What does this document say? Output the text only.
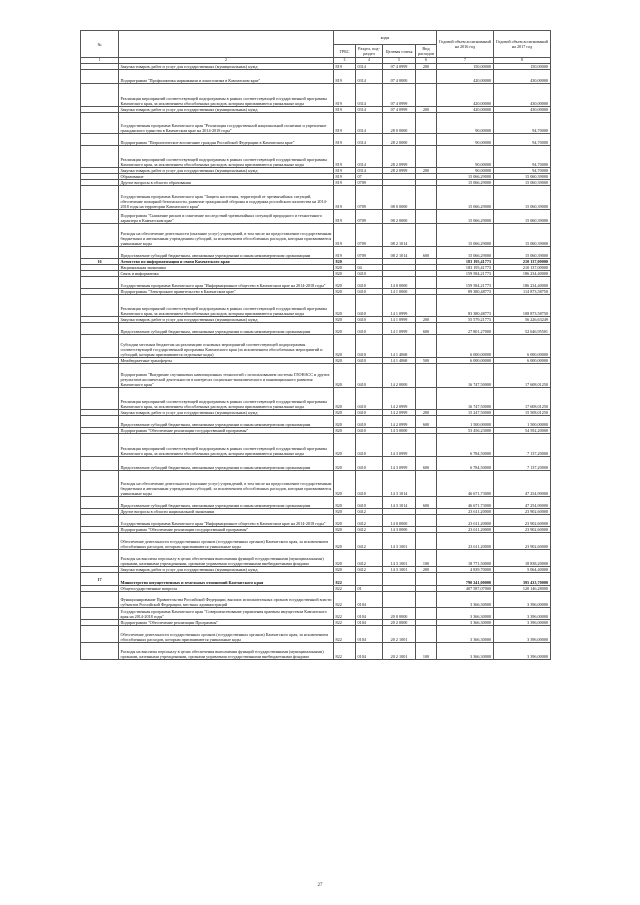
№		коды				Годовой объем ассигнований на 2016 год	Годовой объем ассигнований на 2017 год
		ГРБС	Раздел, под-раздел	Целевая статья	Вид расходов		
1	2	3	4	5	6	7	8
	Закупка товаров, работ и услуг для государственных (муниципальных) нужд	819	0314	07 4 0999	200	150,00000	150,00000
	Подпрограмма "Профилактика наркомании и алкоголизма в Камчатском крае"	819	0314	07 4 0000		420,00000	430,00000
	Реализация мероприятий соответствующей подпрограммы в рамках соответствующей государственной программы Камчатского края, за исключением обособленных расходов, которым присваиваются уникальные коды	819	0314	07 4 0999		420,00000	430,00000
	Закупка товаров, работ и услуг для государственных (муниципальных) нужд	819	0314	07 4 0999	200	420,00000	430,00000
	Государственная программа Камчатского края "Реализация государственной национальной политики и укрепление гражданского единства в Камчатском крае на 2014-2018 годы"	819	0314	28 0 0000		90,00000	94,70000
	Подпрограмма "Патриотическое воспитание граждан Российской Федерации в Камчатском крае"	819	0314	28 2 0000		90,00000	94,70000
	Реализация мероприятий соответствующей подпрограммы в рамках соответствующей государственной программы Камчатского края, за исключением обособленных расходов, которым присваиваются уникальные коды	819	0314	28 2 0999		90,00000	94,70000
	Закупка товаров, работ и услуг для государственных (муниципальных) нужд	819	0314	28 2 0999	200	90,00000	94,70000
	Образование	819	07			15 066,29000	15 060,39000
	Другие вопросы в области образования	819	0709			15 066,29000	15 060,39000
	Государственная программа Камчатского края "Защита населения, территорий от чрезвычайных ситуаций, обеспечение пожарной безопасности, развитие гражданской обороны и поддержка российского казачества на 2014-2018 годы на территории Камчатского края"	819	0709	08 0 0000		15 066,29000	15 060,39000
	Подпрограмма "Снижение рисков и смягчение последствий чрезвычайных ситуаций природного и техногенного характера в Камчатском крае"	819	0709	08 2 0000		15 066,29000	15 060,39000
	Расходы на обеспечение деятельности (оказание услуг) учреждений, в том числе на предоставление государственным бюджетным и автономным учреждениям субсидий, за исключением обособленных расходов, которым присваиваются уникальные коды	819	0709	08 2 1014		15 066,29000	15 060,39000
	Предоставление субсидий бюджетным, автономным учреждениям и иным некоммерческим организациям	819	0709	08 2 1014	600	15 066,29000	15 060,39000
16	Агентство по информатизации и связи Камчатского края	820				183 195,41773	210 137,00000
	Национальная экономика	820	04			183 195,41773	210 137,00000
	Связь и информатика	820	0410			159 584,21773	186 234,40000
	Государственная программа Камчатского края "Информационное общество в Камчатском крае на 2014-2018 годы"	820	0410	14 0 0000		159 584,21773	186 234,40000
	Подпрограмма "Электронное правительство в Камчатском крае"	820	0410	14 1 0000		89 380,48773	114 873,58750
	Реализация мероприятий соответствующей подпрограммы в рамках соответствующей государственной программы Камчатского края, за исключением обособленных расходов, которым присваиваются уникальные коды	820	0410	14 1 0999		83 380,48773	108 873,58750
	Закупка товаров, работ и услуг для государственных (муниципальных) нужд	820	0410	14 1 0999	200	55 579,21773	56 226,63249
	Предоставление субсидий бюджетным, автономным учреждениям и иным некоммерческим организациям	820	0410	14 1 0999	600	27 801,27000	52 646,95501
	Субсидии местным бюджетам на реализацию основных мероприятий соответствующей подпрограммы соответствующей государственной программы Камчатского края (за исключением обособленных мероприятий и субсидий, которым присваиваются отдельные коды)	820	0410	14 1 4068		6 000,00000	6 000,00000
	Межбюджетные трансферты	820	0410	14 1 4068	500	6 000,00000	6 000,00000
	Подпрограмма "Внедрение спутниковых навигационных технологий с использованием системы ГЛОНАСС и других результатов космической деятельности в интересах социально-экономического и инновационного развития Камчатского края"	820	0410	14 2 0000		16 747,50000	17 608,01250
	Реализация мероприятий соответствующей подпрограммы в рамках соответствующей государственной программы Камчатского края, за исключением обособленных расходов, которым присваиваются уникальные коды	820	0410	14 2 0999		16 747,50000	17 608,01250
	Закупка товаров, работ и услуг для государственных (муниципальных) нужд	820	0410	14 2 0999	200	15 247,50000	15 508,01250
	Предоставление субсидий бюджетным, автономным учреждениям и иным некоммерческим организациям	820	0410	14 2 0999	600	1 500,00000	1 500,00000
	Подпрограмма "Обеспечение реализации государственной программы"	820	0410	14 3 0000		53 456,23000	54 592,20000
	Реализация мероприятий соответствующей подпрограммы в рамках соответствующей государственной программы Камчатского края, за исключением обособленных расходов, которым присваиваются уникальные коды	820	0410	14 3 0999		6 784,50000	7 137,20000
	Предоставление субсидий бюджетным, автономным учреждениям и иным некоммерческим организациям	820	0410	14 3 0999	600	6 784,50000	7 137,20000
	Расходы на обеспечение деятельности (оказание услуг) учреждений, в том числе на предоставление государственным бюджетным и автономным учреждениям субсидий, за исключением обособленных расходов, которым присваиваются уникальные коды	820	0410	14 3 1014		46 671,73000	47 254,90000
	Предоставление субсидий бюджетным, автономным учреждениям и иным некоммерческим организациям	820	0410	14 3 1014	600	46 671,73000	47 254,90000
	Другие вопросы в области национальной экономики	820	0412			23 611,20000	23 902,60000
	Государственная программа Камчатского края "Информационное общество в Камчатском крае на 2014-2018 годы"	820	0412	14 0 0000		23 611,20000	23 902,60000
	Подпрограмма "Обеспечение реализации государственной программы"	820	0412	14 3 0000		23 611,20000	23 902,60000
	Обеспечение деятельности государственных органов (государственных органов) Камчатского края, за исключением обособленных расходов, которым присваиваются уникальные коды	820	0412	14 3 1001		23 611,20000	23 902,60000
	Расходы на выплаты персоналу в целях обеспечения выполнения функций государственными (муниципальными) органами, казенными учреждениями, органами управления государственными внебюджетными фондами	820	0412	14 3 1001	100	18 771,50000	18 838,20000
	Закупка товаров, работ и услуг для государственных (муниципальных) нужд	820	0412	14 3 1001	200	4 839,70000	5 064,40000
17	Министерство имущественных и земельных отношений Камчатского края	822				790 241,00000	395 433,70000
	Общегосударственные вопросы	822	01			407 587,07000	120 146,28000
	Функционирование Правительства Российской Федерации, высших исполнительных органов государственной власти субъектов Российской Федерации, местных администраций	822	0104			3 366,30000	3 396,00000
	Государственная программа Камчатского края "Совершенствование управления краевым имуществом Камчатского края на 2014-2018 годы"	822	0104	20 0 0000		3 366,30000	3 396,00000
	Подпрограмма "Обеспечение реализации Программы"	822	0104	20 2 0000		3 366,30000	3 396,00000
	Обеспечение деятельности государственных органов (государственных органов) Камчатского края, за исключением обособленных расходов, которым присваиваются уникальные коды	822	0104	20 2 1001		3 366,30000	3 396,00000
	Расходы на выплаты персоналу в целях обеспечения выполнения функций государственными (муниципальными) органами, казенными учреждениями, органами управления государственными внебюджетными фондами	822	0104	20 2 1001	100	3 366,30000	3 396,00000
27
